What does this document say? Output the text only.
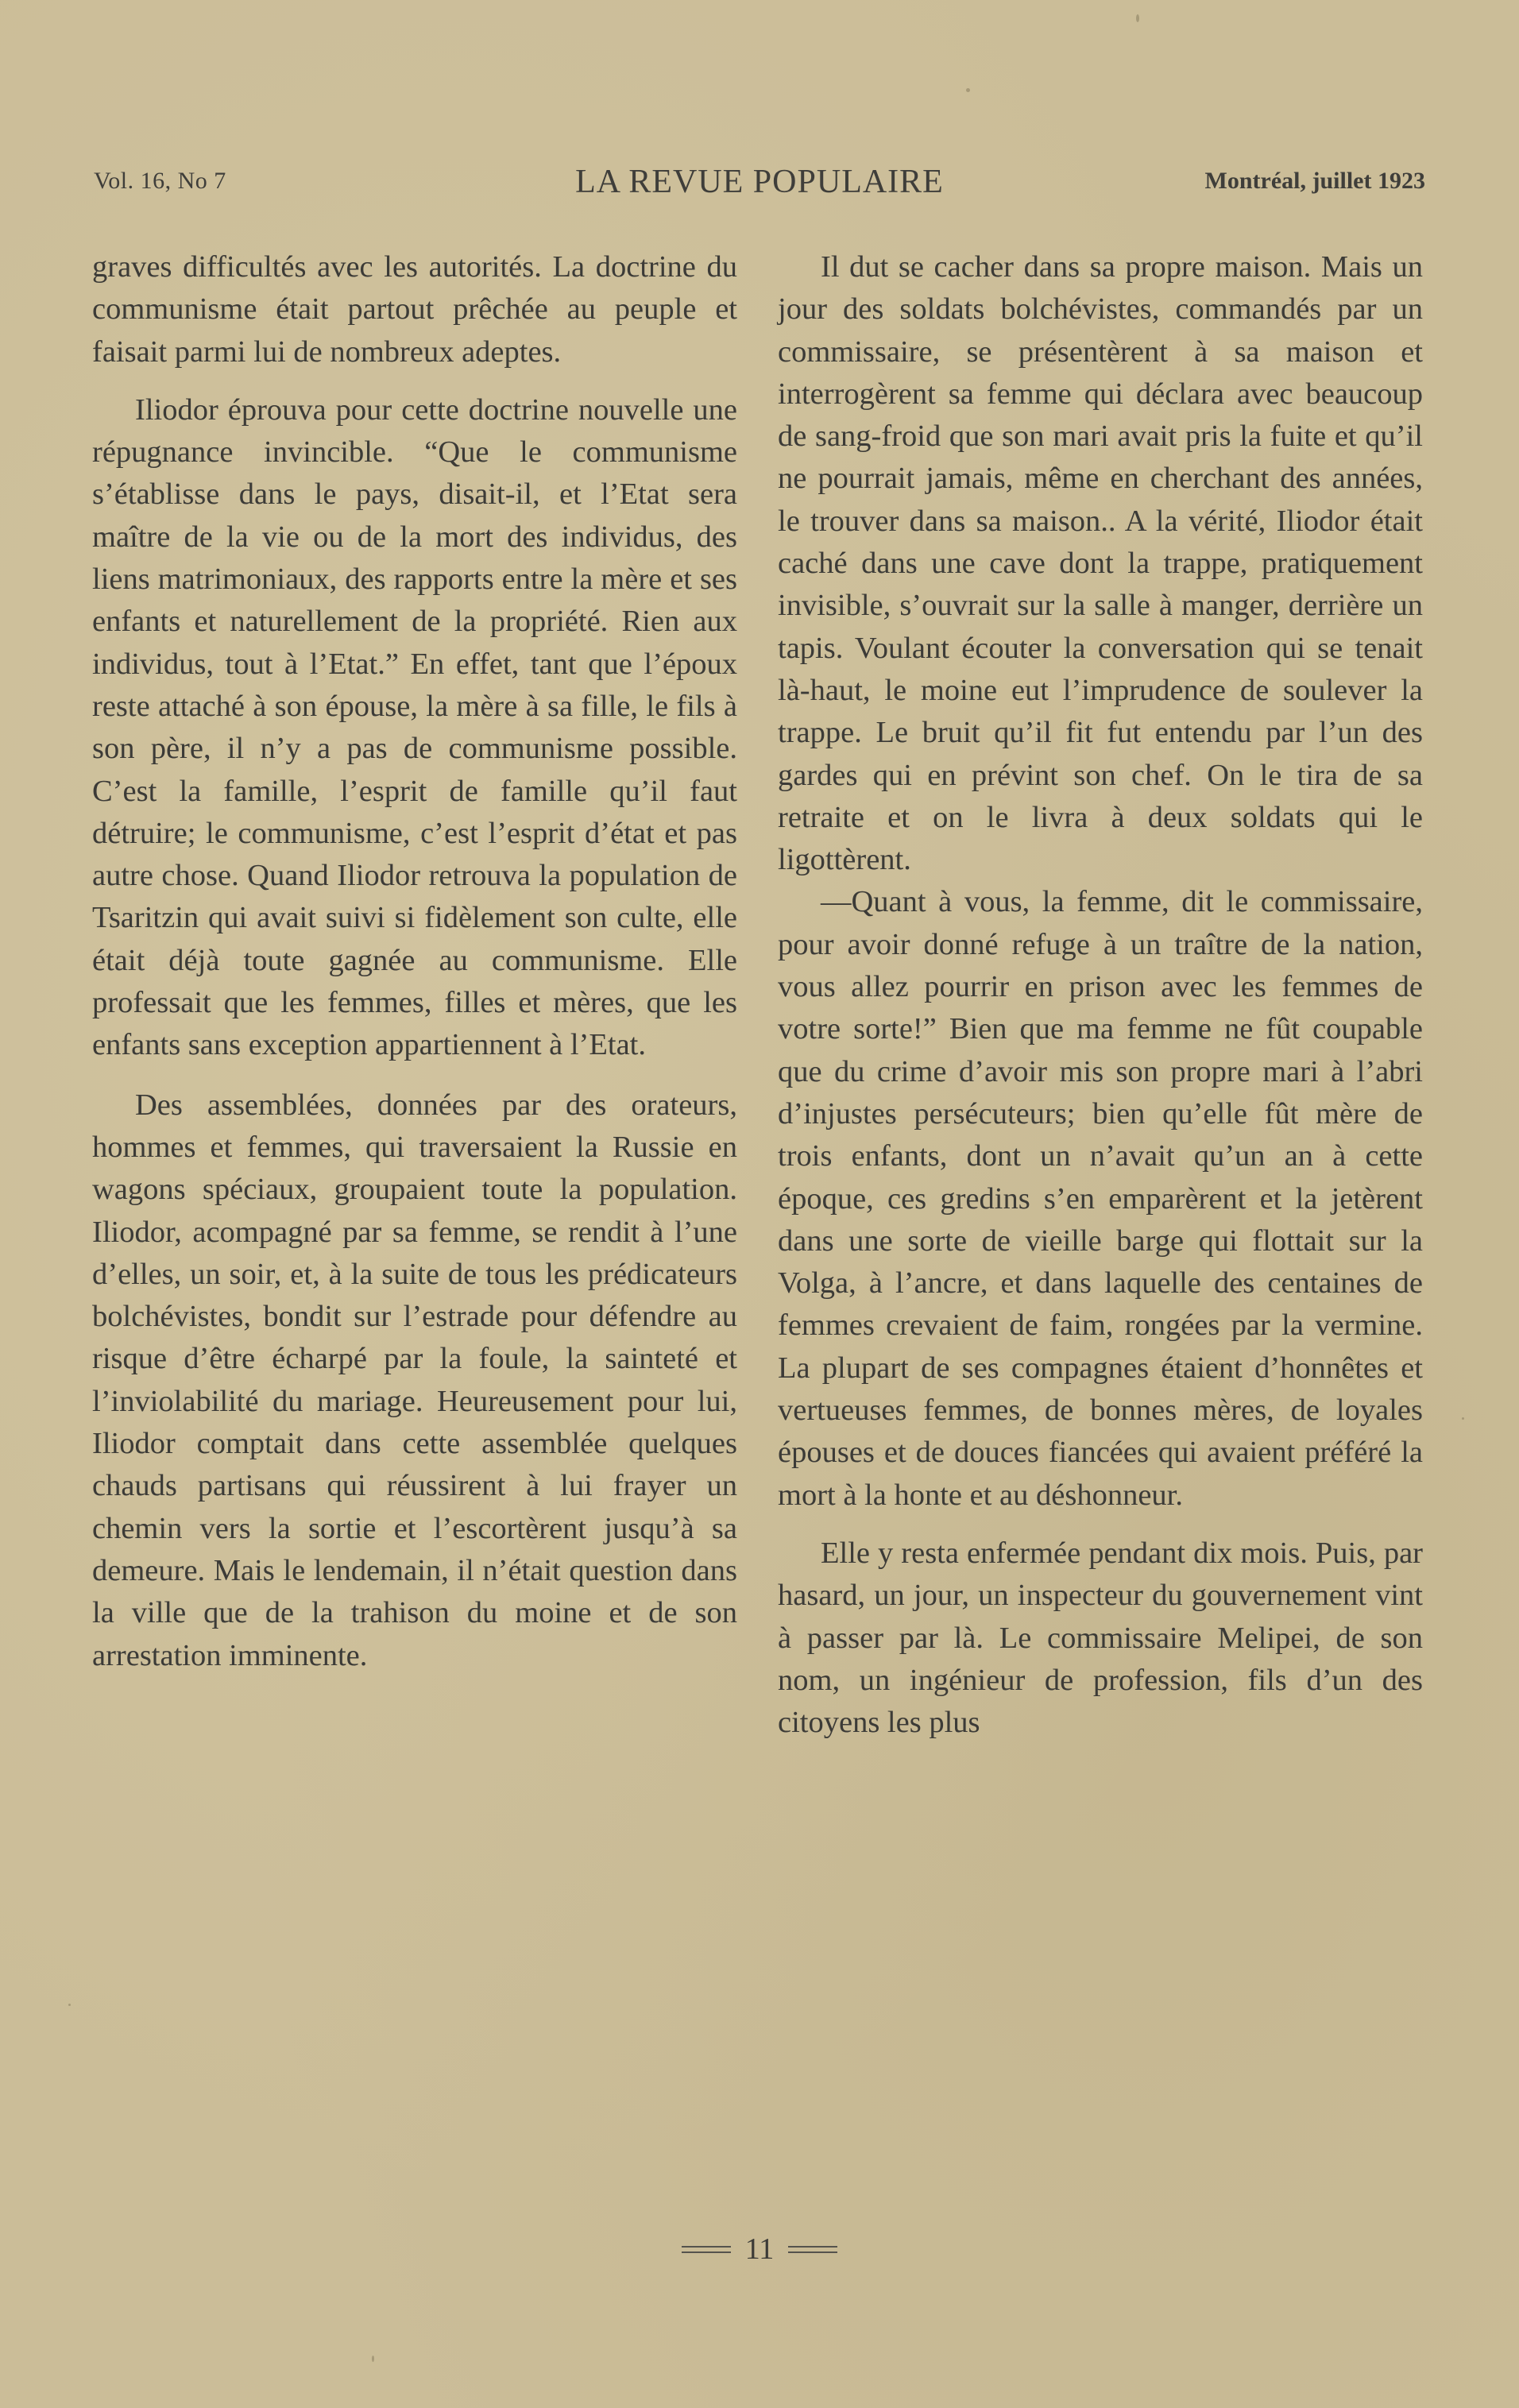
Vol. 16, No 7	LA REVUE POPULAIRE	Montréal, juillet 1923

graves difficultés avec les autorités. La doctrine du communisme était partout prêchée au peuple et faisait parmi lui de nombreux adeptes.

Iliodor éprouva pour cette doctrine nouvelle une répugnance invincible. “Que le communisme s’établisse dans le pays, disait-il, et l’Etat sera maître de la vie ou de la mort des individus, des liens matrimoniaux, des rapports entre la mère et ses enfants et naturellement de la propriété. Rien aux individus, tout à l’Etat.” En effet, tant que l’époux reste attaché à son épouse, la mère à sa fille, le fils à son père, il n’y a pas de communisme possible. C’est la famille, l’esprit de famille qu’il faut détruire; le communisme, c’est l’esprit d’état et pas autre chose. Quand Iliodor retrouva la population de Tsaritzin qui avait suivi si fidèlement son culte, elle était déjà toute gagnée au communisme. Elle professait que les femmes, filles et mères, que les enfants sans exception appartiennent à l’Etat.

Des assemblées, données par des orateurs, hommes et femmes, qui traversaient la Russie en wagons spéciaux, groupaient toute la population. Iliodor, acompagné par sa femme, se rendit à l’une d’elles, un soir, et, à la suite de tous les prédicateurs bolchévistes, bondit sur l’estrade pour défendre au risque d’être écharpé par la foule, la sainteté et l’inviolabilité du mariage. Heureusement pour lui, Iliodor comptait dans cette assemblée quelques chauds partisans qui réussirent à lui frayer un chemin vers la sortie et l’escortèrent jusqu’à sa demeure. Mais le lendemain, il n’était question dans la ville que de la trahison du moine et de son arrestation imminente.

Il dut se cacher dans sa propre maison. Mais un jour des soldats bolchévistes, commandés par un commissaire, se présentèrent à sa maison et interrogèrent sa femme qui déclara avec beaucoup de sang-froid que son mari avait pris la fuite et qu’il ne pourrait jamais, même en cherchant des années, le trouver dans sa maison.. A la vérité, Iliodor était caché dans une cave dont la trappe, pratiquement invisible, s’ouvrait sur la salle à manger, derrière un tapis. Voulant écouter la conversation qui se tenait là-haut, le moine eut l’imprudence de soulever la trappe. Le bruit qu’il fit fut entendu par l’un des gardes qui en prévint son chef. On le tira de sa retraite et on le livra à deux soldats qui le ligottèrent.

—Quant à vous, la femme, dit le commissaire, pour avoir donné refuge à un traître de la nation, vous allez pourrir en prison avec les femmes de votre sorte!” Bien que ma femme ne fût coupable que du crime d’avoir mis son propre mari à l’abri d’injustes persécuteurs; bien qu’elle fût mère de trois enfants, dont un n’avait qu’un an à cette époque, ces gredins s’en emparèrent et la jetèrent dans une sorte de vieille barge qui flottait sur la Volga, à l’ancre, et dans laquelle des centaines de femmes crevaient de faim, rongées par la vermine. La plupart de ses compagnes étaient d’honnêtes et vertueuses femmes, de bonnes mères, de loyales épouses et de douces fiancées qui avaient préféré la mort à la honte et au déshonneur.

Elle y resta enfermée pendant dix mois. Puis, par hasard, un jour, un inspecteur du gouvernement vint à passer par là. Le commissaire Melipei, de son nom, un ingénieur de profession, fils d’un des citoyens les plus

11
